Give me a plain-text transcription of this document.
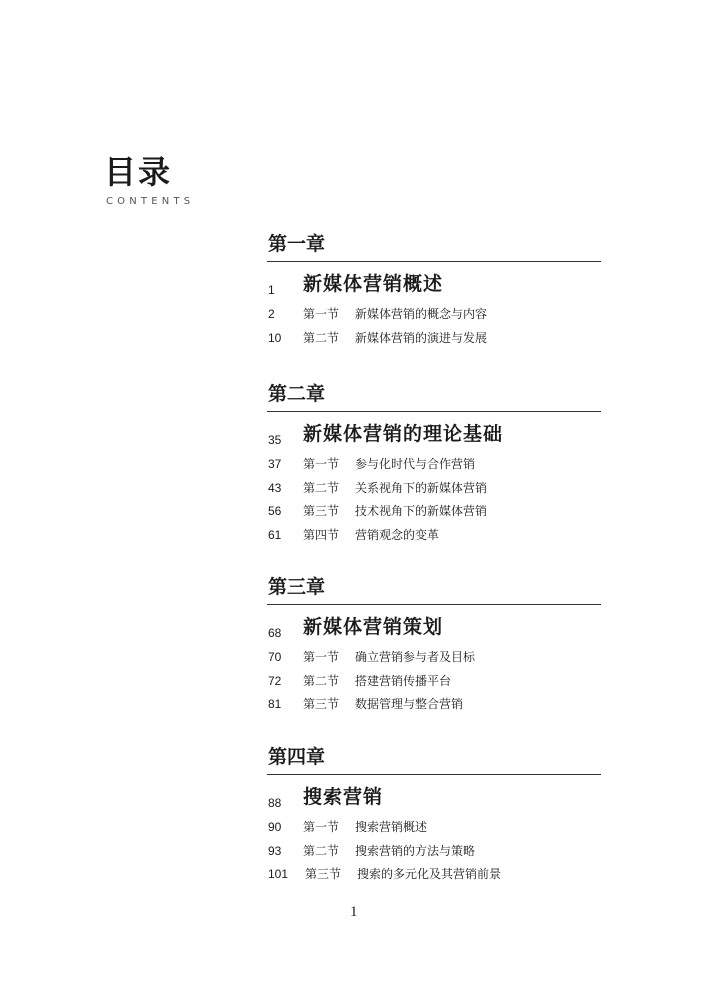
目录
CONTENTS
第一章
1 新媒体营销概述
2 第一节 新媒体营销的概念与内容
10 第二节 新媒体营销的演进与发展
第二章
35 新媒体营销的理论基础
37 第一节 参与化时代与合作营销
43 第二节 关系视角下的新媒体营销
56 第三节 技术视角下的新媒体营销
61 第四节 营销观念的变革
第三章
68 新媒体营销策划
70 第一节 确立营销参与者及目标
72 第二节 搭建营销传播平台
81 第三节 数据管理与整合营销
第四章
88 搜索营销
90 第一节 搜索营销概述
93 第二节 搜索营销的方法与策略
101 第三节 搜索的多元化及其营销前景
1
